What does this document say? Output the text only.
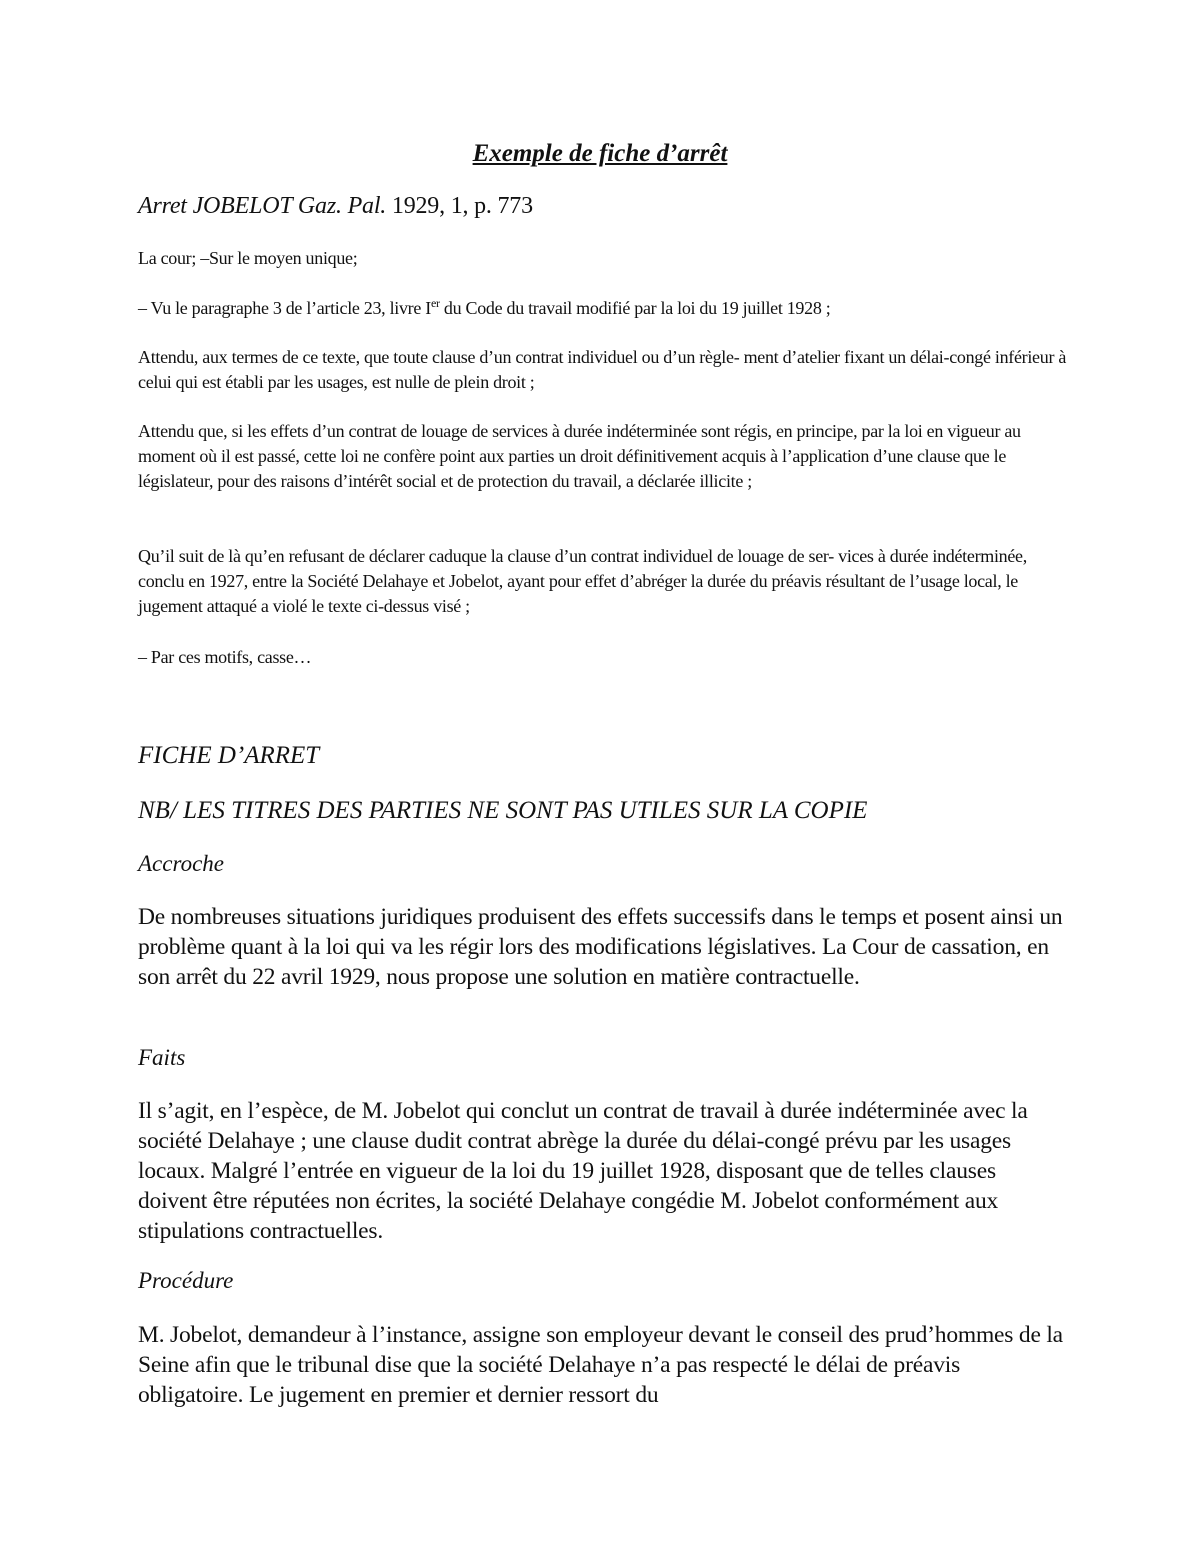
Exemple de fiche d’arrêt
Arret JOBELOT Gaz. Pal. 1929, 1, p. 773
La cour; –Sur le moyen unique;
– Vu le paragraphe 3 de l’article 23, livre Ier du Code du travail modifié par la loi du 19 juillet 1928 ;
Attendu, aux termes de ce texte, que toute clause d’un contrat individuel ou d’un règle- ment d’atelier fixant un délai-congé inférieur à celui qui est établi par les usages, est nulle de plein droit ;
Attendu que, si les effets d’un contrat de louage de services à durée indéterminée sont régis, en principe, par la loi en vigueur au moment où il est passé, cette loi ne confère point aux parties un droit définitivement acquis à l’application d’une clause que le législateur, pour des raisons d’intérêt social et de protection du travail, a déclarée illicite ;
Qu’il suit de là qu’en refusant de déclarer caduque la clause d’un contrat individuel de louage de ser- vices à durée indéterminée, conclu en 1927, entre la Société Delahaye et Jobelot, ayant pour effet d’abréger la durée du préavis résultant de l’usage local, le jugement attaqué a violé le texte ci-dessus visé ;
– Par ces motifs, casse…
FICHE D’ARRET
NB/ LES TITRES DES PARTIES NE SONT PAS UTILES SUR LA COPIE
Accroche
De nombreuses situations juridiques produisent des effets successifs dans le temps et posent ainsi un problème quant à la loi qui va les régir lors des modifications législatives. La Cour de cassation, en son arrêt du 22 avril 1929, nous propose une solution en matière contractuelle.
Faits
Il s’agit, en l’espèce, de M. Jobelot qui conclut un contrat de travail à durée indéterminée avec la société Delahaye ; une clause dudit contrat abrège la durée du délai-congé prévu par les usages locaux. Malgré l’entrée en vigueur de la loi du 19 juillet 1928, disposant que de telles clauses doivent être réputées non écrites, la société Delahaye congédie M. Jobelot conformément aux stipulations contractuelles.
Procédure
M. Jobelot, demandeur à l’instance, assigne son employeur devant le conseil des prud’hommes de la Seine afin que le tribunal dise que la société Delahaye n’a pas respecté le délai de préavis obligatoire. Le jugement en premier et dernier ressort du
